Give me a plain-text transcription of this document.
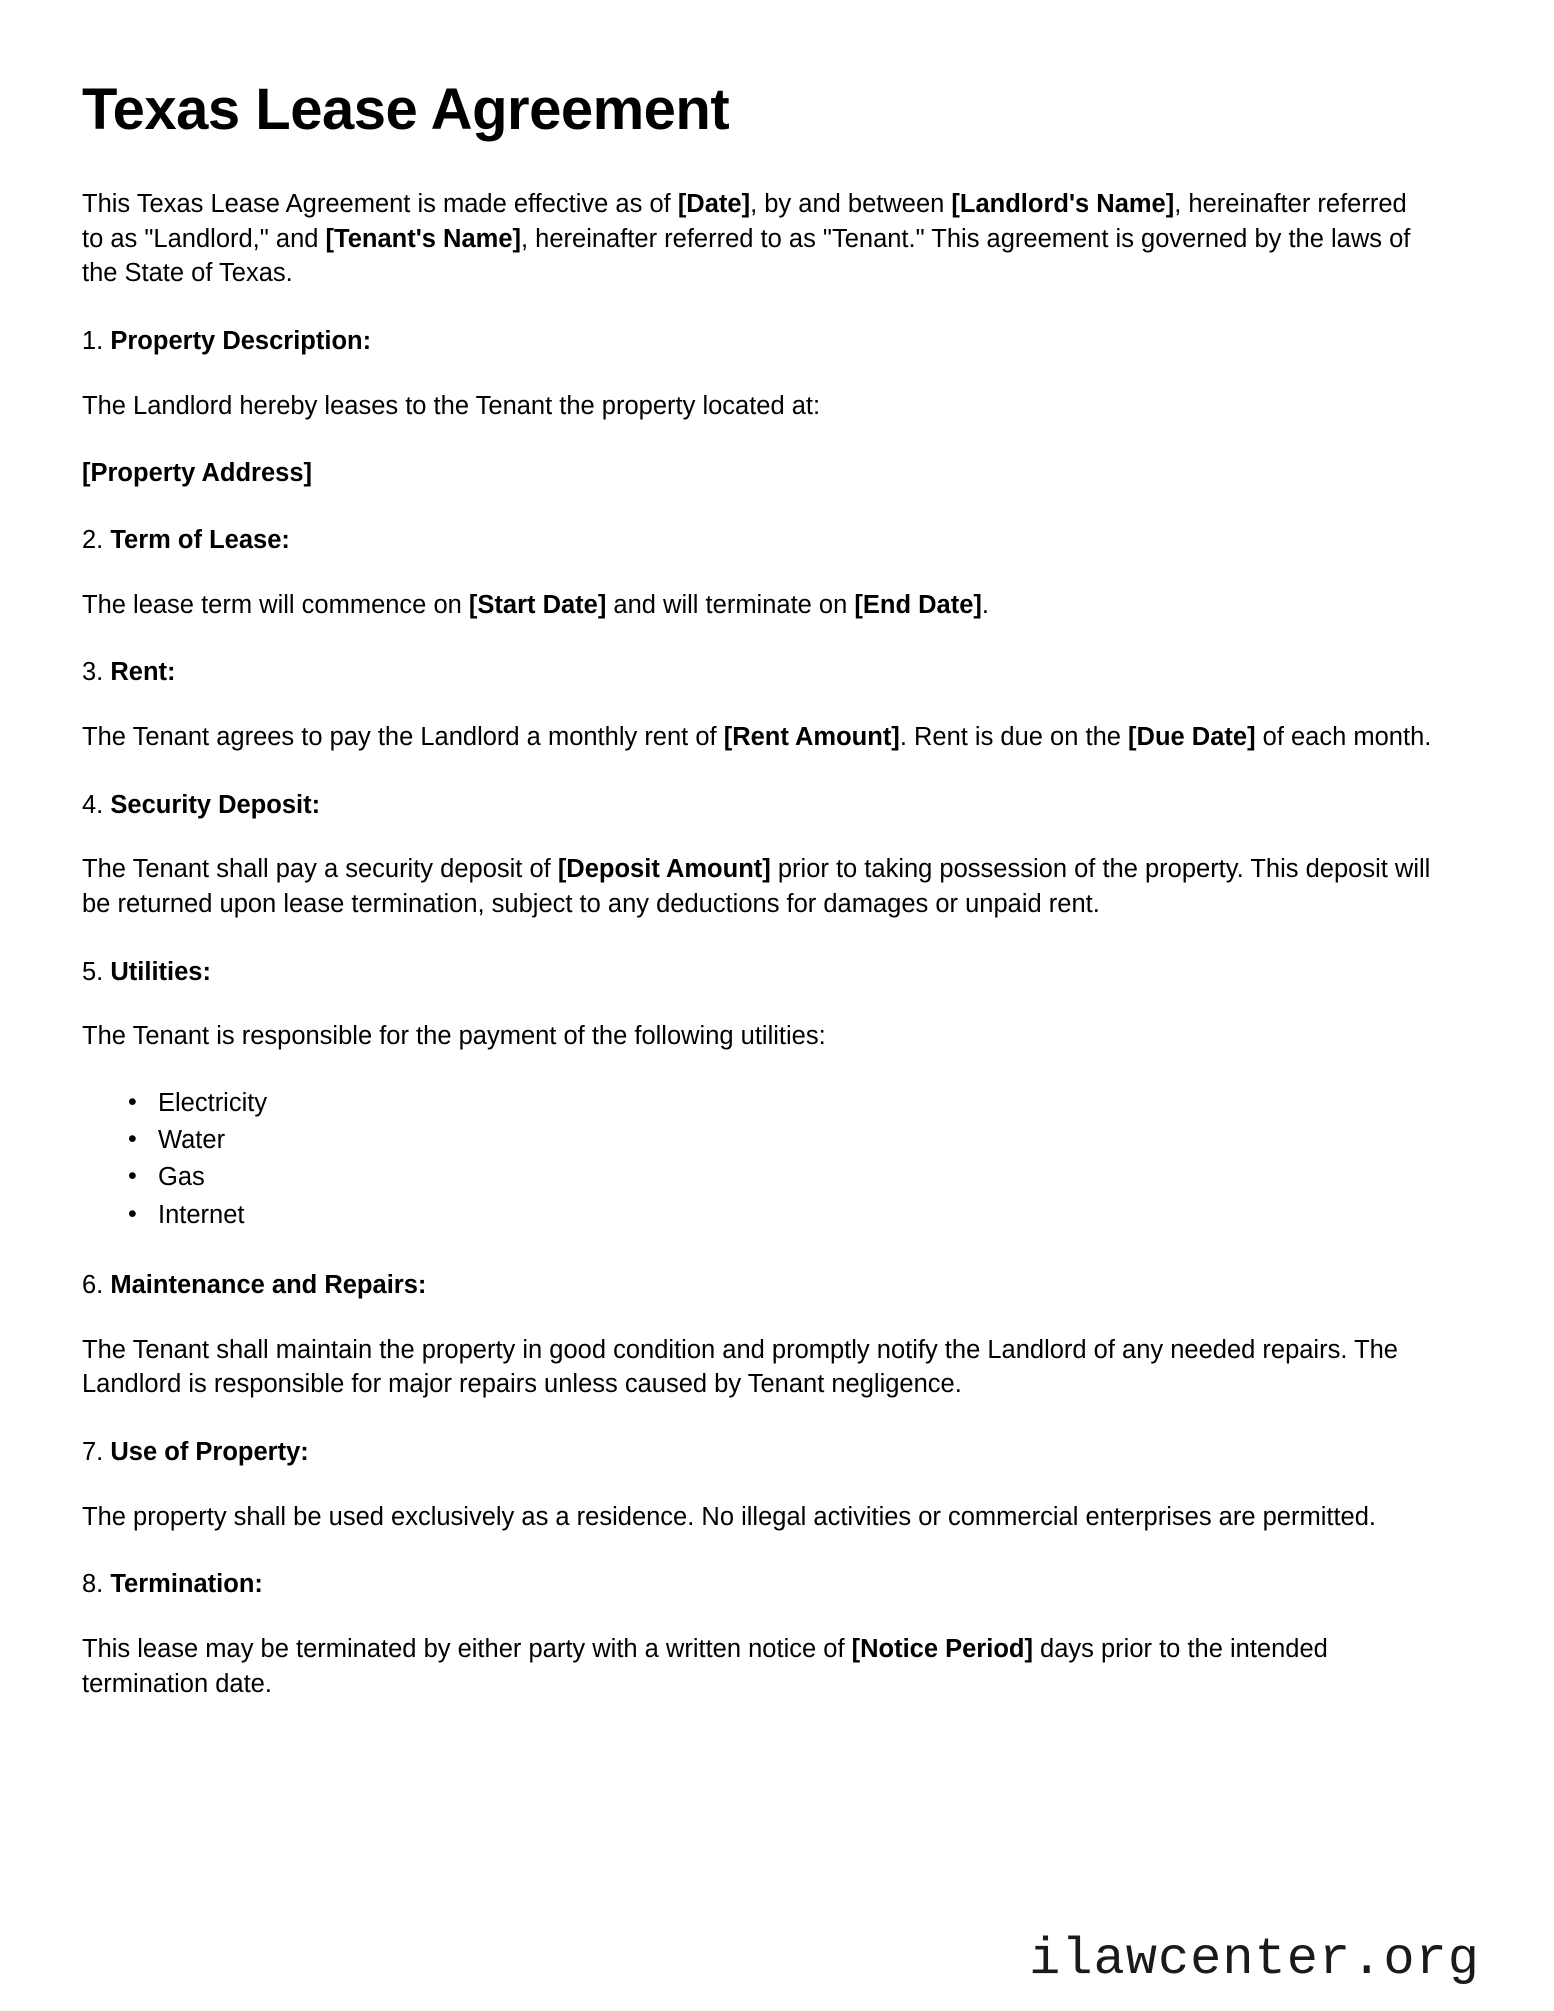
Texas Lease Agreement

This Texas Lease Agreement is made effective as of [Date], by and between [Landlord's Name], hereinafter referred to as "Landlord," and [Tenant's Name], hereinafter referred to as "Tenant." This agreement is governed by the laws of the State of Texas.

1. Property Description:

The Landlord hereby leases to the Tenant the property located at:

[Property Address]

2. Term of Lease:

The lease term will commence on [Start Date] and will terminate on [End Date].

3. Rent:

The Tenant agrees to pay the Landlord a monthly rent of [Rent Amount]. Rent is due on the [Due Date] of each month.

4. Security Deposit:

The Tenant shall pay a security deposit of [Deposit Amount] prior to taking possession of the property. This deposit will be returned upon lease termination, subject to any deductions for damages or unpaid rent.

5. Utilities:

The Tenant is responsible for the payment of the following utilities:

• Electricity
• Water
• Gas
• Internet

6. Maintenance and Repairs:

The Tenant shall maintain the property in good condition and promptly notify the Landlord of any needed repairs. The Landlord is responsible for major repairs unless caused by Tenant negligence.

7. Use of Property:

The property shall be used exclusively as a residence. No illegal activities or commercial enterprises are permitted.

8. Termination:

This lease may be terminated by either party with a written notice of [Notice Period] days prior to the intended termination date.

ilawcenter.org
